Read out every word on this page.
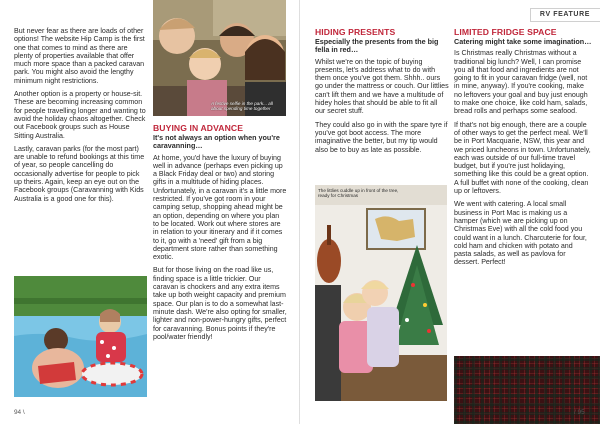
But never fear as there are loads of other options! The website Hip Camp is the first one that comes to mind as there are plenty of properties available that offer much more space than a packed caravan park. You might also avoid the lengthy minimum night restrictions.

Another option is a property or house-sit. These are becoming increasing common for people travelling longer and wanting to avoid the holiday chaos altogether. Check out Facebook groups such as House Sitting Australia.

Lastly, caravan parks (for the most part) are unable to refund bookings at this time of year, so people cancelling do occasionally advertise for people to pick up theirs. Again, keep an eye out on the Facebook groups (Caravanning with Kids Australia is a good one for this).

A festive selfie in the park... all about spending time together
BUYING IN ADVANCE
It's not always an option when you're caravanning…

At home, you'd have the luxury of buying well in advance (perhaps even picking up a Black Friday deal or two) and storing gifts in a multitude of hiding places. Unfortunately, in a caravan it's a little more restricted. If you've got room in your camping setup, shopping ahead might be an option, depending on where you plan to be located. Work out where stores are in relation to your itinerary and if it comes to it, go with a 'need' gift from a big department store rather than something exotic.

But for those living on the road like us, finding space is a little trickier. Our caravan is chockers and any extra items take up both weight capacity and premium space. Our plan is to do a somewhat last-minute dash. We're also opting for smaller, lighter and non-power-hungry gifts, perfect for caravanning. Bonus points if they're pool/water friendly!

94 \
RV FEATURE
HIDING PRESENTS
Especially the presents from the big fella in red…

Whilst we're on the topic of buying presents, let's address what to do with them once you've got them. Shhh.. ours go under the mattress or couch. Our littlies can't lift them and we have a multitude of hidey holes that should be able to fit all our secret stuff.

They could also go in with the spare tyre if you've got boot access. The more imaginative the better, but my tip would also be to buy as late as possible.

The littlies cuddle up in front of the tree, ready for Christmas
LIMITED FRIDGE SPACE
Catering might take some imagination…

Is Christmas really Christmas without a traditional big lunch? Well, I can promise you all that food and ingredients are not going to fit in your caravan fridge (well, not in mine, anyway). If you're cooking, make no leftovers your goal and buy just enough to make one choice, like cold ham, salads, bread rolls and perhaps some seafood.

If that's not big enough, there are a couple of other ways to get the perfect meal. We'll be in Port Macquarie, NSW, this year and we priced luncheons in town. Unfortunately, each was outside of our full-time travel budget, but if you're just holidaying, something like this could be a great option. A full buffet with none of the cooking, clean up or leftovers.

We went with catering. A local small business in Port Mac is making us a hamper (which we are picking up on Christmas Eve) with all the cold food you could want in a lunch. Charcuterie for four, cold ham and chicken with potato and pasta salads, as well as pavlova for dessert. Perfect!

/ 95
